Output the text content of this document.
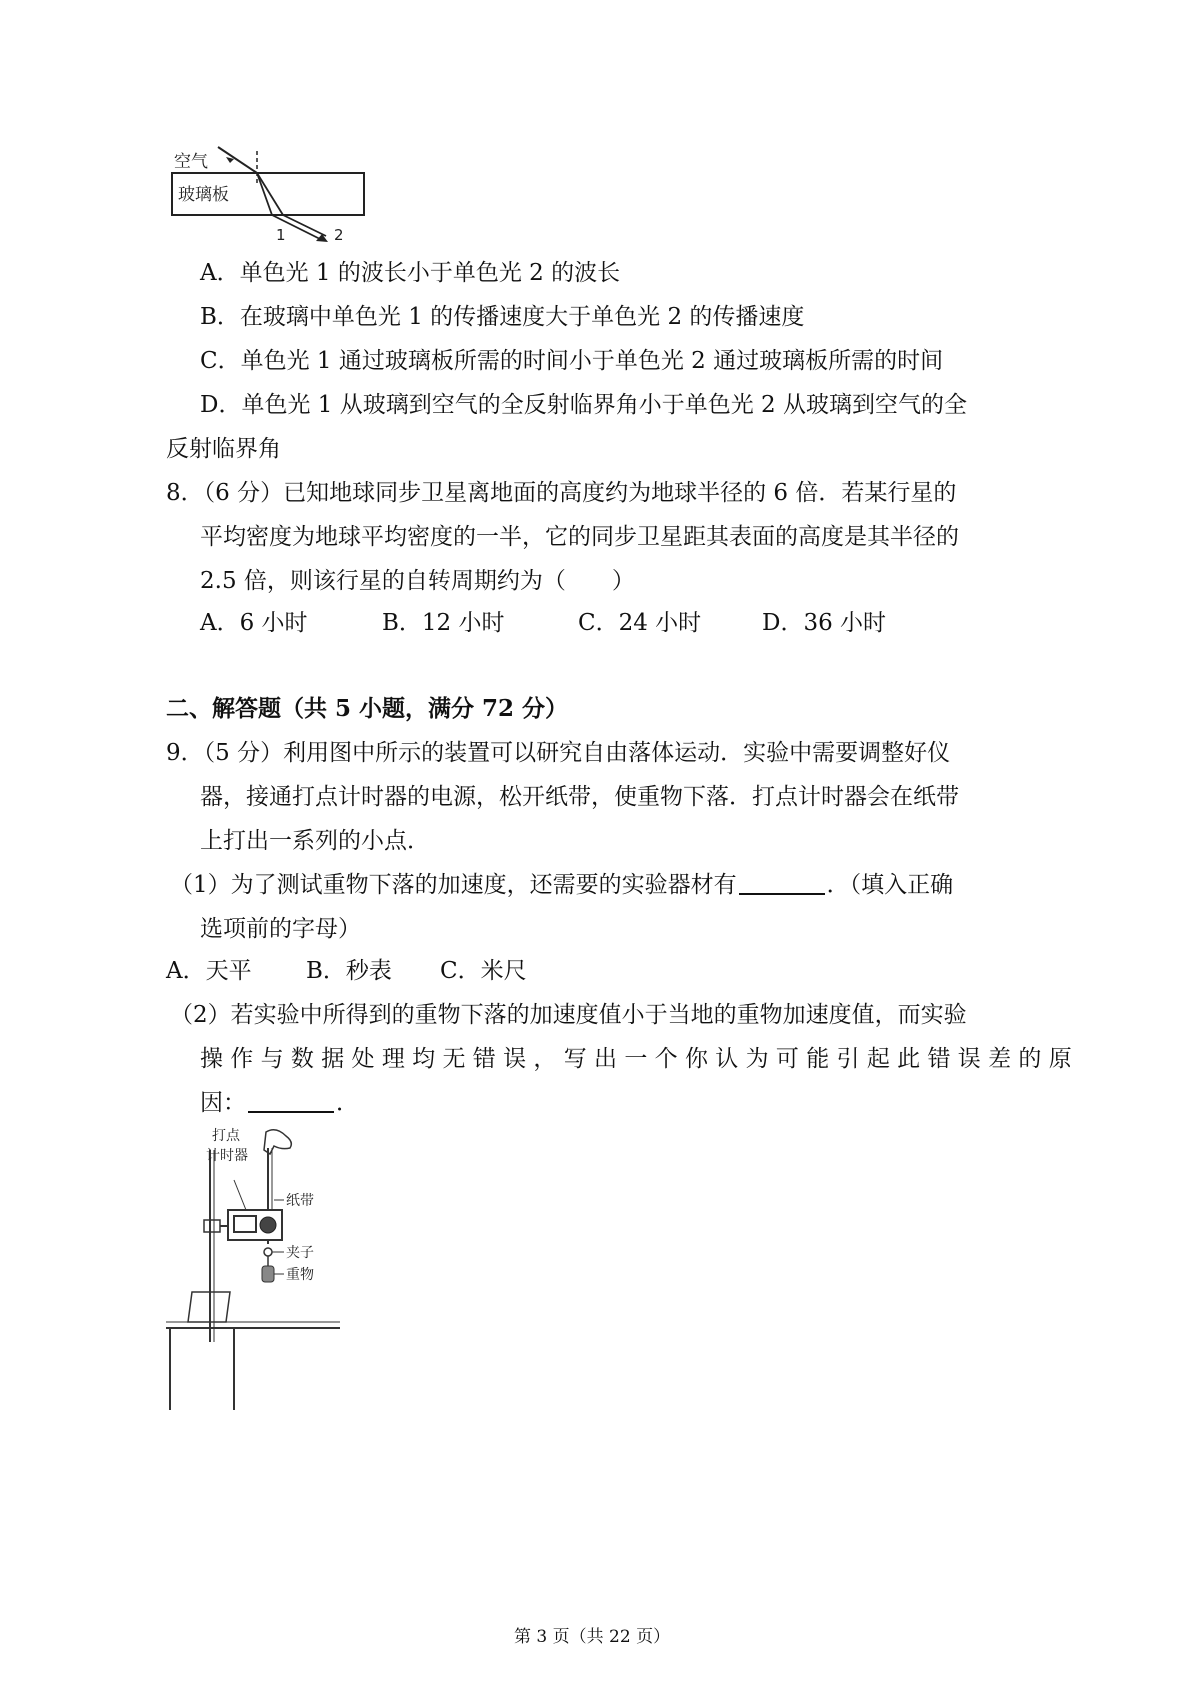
空气
玻璃板
1	2
A．单色光 1 的波长小于单色光 2 的波长
B．在玻璃中单色光 1 的传播速度大于单色光 2 的传播速度
C．单色光 1 通过玻璃板所需的时间小于单色光 2 通过玻璃板所需的时间
D．单色光 1 从玻璃到空气的全反射临界角小于单色光 2 从玻璃到空气的全
反射临界角
8．（6 分）已知地球同步卫星离地面的高度约为地球半径的 6 倍．若某行星的
平均密度为地球平均密度的一半，它的同步卫星距其表面的高度是其半径的
2.5 倍，则该行星的自转周期约为（　　）
A．6 小时	B．12 小时	C．24 小时	D．36 小时
二、解答题（共 5 小题，满分 72 分）
9．（5 分）利用图中所示的装置可以研究自由落体运动．实验中需要调整好仪
器，接通打点计时器的电源，松开纸带，使重物下落．打点计时器会在纸带
上打出一系列的小点．
（1）为了测试重物下落的加速度，还需要的实验器材有	．（填入正确
选项前的字母）
A．天平 B．秒表 C．米尺
（2）若实验中所得到的重物下落的加速度值小于当地的重物加速度值，而实验
操 作 与 数 据 处 理 均 无 错 误 ， 写 出 一 个 你 认 为 可 能 引 起 此 错 误 差 的 原
因：	．
打点
计时器
纸带
夹子
重物
第 3 页（共 22 页）
